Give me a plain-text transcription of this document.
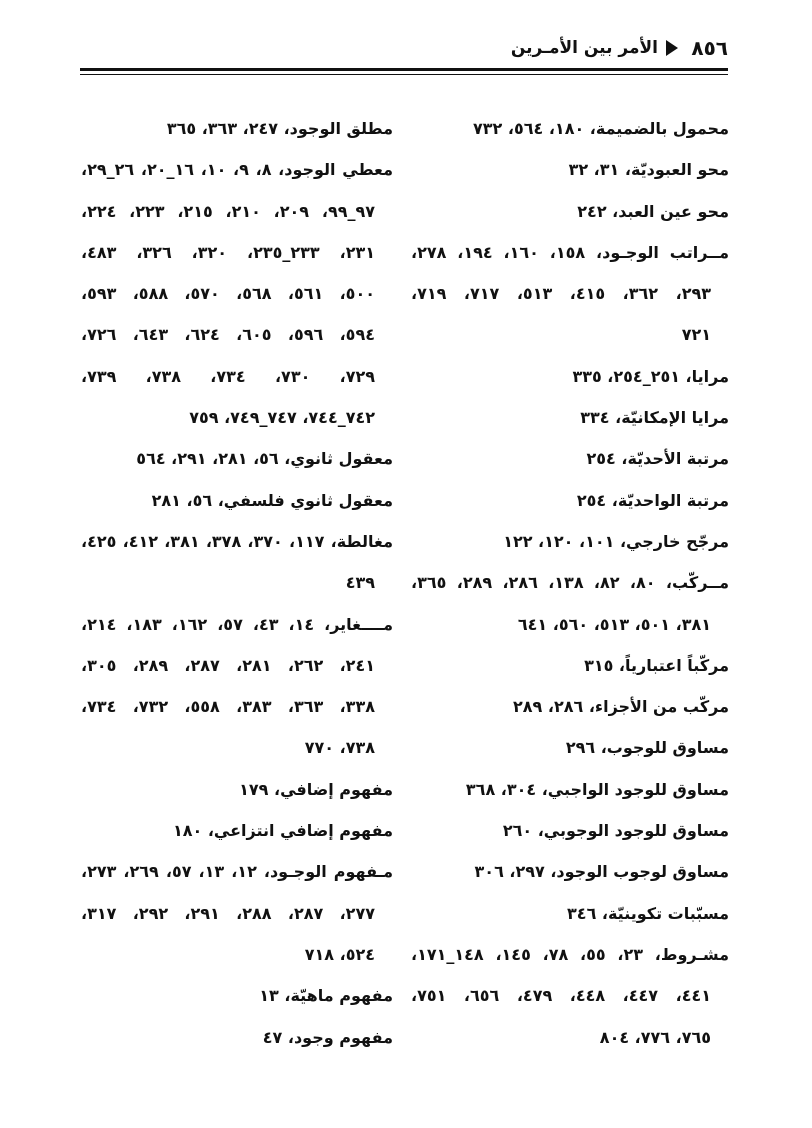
٨٥٦
الأمر بين الأمـرين
محمول بالضميمة، ١٨٠، ٥٦٤، ٧٣٢
محو العبوديّة، ٣١، ٣٢
محو عين العبد، ٢٤٢
مــراتب الوجـود، ١٥٨، ١٦٠، ١٩٤، ٢٧٨،
٢٩٣، ٣٦٢، ٤١٥، ٥١٣، ٧١٧، ٧١٩،
٧٢١
مرايا، ٢٥١_٢٥٤، ٣٣٥
مرايا الإمكانيّة، ٣٣٤
مرتبة الأحديّة، ٢٥٤
مرتبة الواحديّة، ٢٥٤
مرجّح خارجي، ١٠١، ١٢٠، ١٢٢
مــركّب، ٨٠، ٨٢، ١٣٨، ٢٨٦، ٢٨٩، ٣٦٥،
٣٨١، ٥٠١، ٥١٣، ٥٦٠، ٦٤١
مركّباً اعتبارياً، ٣١٥
مركّب من الأجزاء، ٢٨٦، ٢٨٩
مساوق للوجوب، ٢٩٦
مساوق للوجود الواجبي، ٣٠٤، ٣٦٨
مساوق للوجود الوجوبي، ٢٦٠
مساوق لوجوب الوجود، ٢٩٧، ٣٠٦
مسبّبات تكوينيّة، ٣٤٦
مشـروط، ٢٣، ٥٥، ٧٨، ١٤٥، ١٤٨_١٧١،
٤٤١، ٤٤٧، ٤٤٨، ٤٧٩، ٦٥٦، ٧٥١،
٧٦٥، ٧٧٦، ٨٠٤
مطلق الوجود، ٢٤٧، ٣٦٣، ٣٦٥
معطي الوجود، ٨، ٩، ١٠، ١٦_٢٠، ٢٦_٢٩،
٩٧_٩٩، ٢٠٩، ٢١٠، ٢١٥، ٢٢٣، ٢٢٤،
٢٣١، ٢٣٣_٢٣٥، ٣٢٠، ٣٢٦، ٤٨٣،
٥٠٠، ٥٦١، ٥٦٨، ٥٧٠، ٥٨٨، ٥٩٣،
٥٩٤، ٥٩٦، ٦٠٥، ٦٢٤، ٦٤٣، ٧٢٦،
٧٢٩، ٧٣٠، ٧٣٤، ٧٣٨، ٧٣٩،
٧٤٢_٧٤٤، ٧٤٧_٧٤٩، ٧٥٩
معقول ثانوي، ٥٦، ٢٨١، ٢٩١، ٥٦٤
معقول ثانوي فلسفي، ٥٦، ٢٨١
مغالطة، ١١٧، ٣٧٠، ٣٧٨، ٣٨١، ٤١٢، ٤٢٥،
٤٣٩
مــــغاير، ١٤، ٤٣، ٥٧، ١٦٢، ١٨٣، ٢١٤،
٢٤١، ٢٦٢، ٢٨١، ٢٨٧، ٢٨٩، ٣٠٥،
٣٣٨، ٣٦٣، ٣٨٣، ٥٥٨، ٧٣٢، ٧٣٤،
٧٣٨، ٧٧٠
مفهوم إضافي، ١٧٩
مفهوم إضافي انتزاعي، ١٨٠
مـفهوم الوجـود، ١٢، ١٣، ٥٧، ٢٦٩، ٢٧٣،
٢٧٧، ٢٨٧، ٢٨٨، ٢٩١، ٢٩٢، ٣١٧،
٥٢٤، ٧١٨
مفهوم ماهيّة، ١٣
مفهوم وجود، ٤٧
